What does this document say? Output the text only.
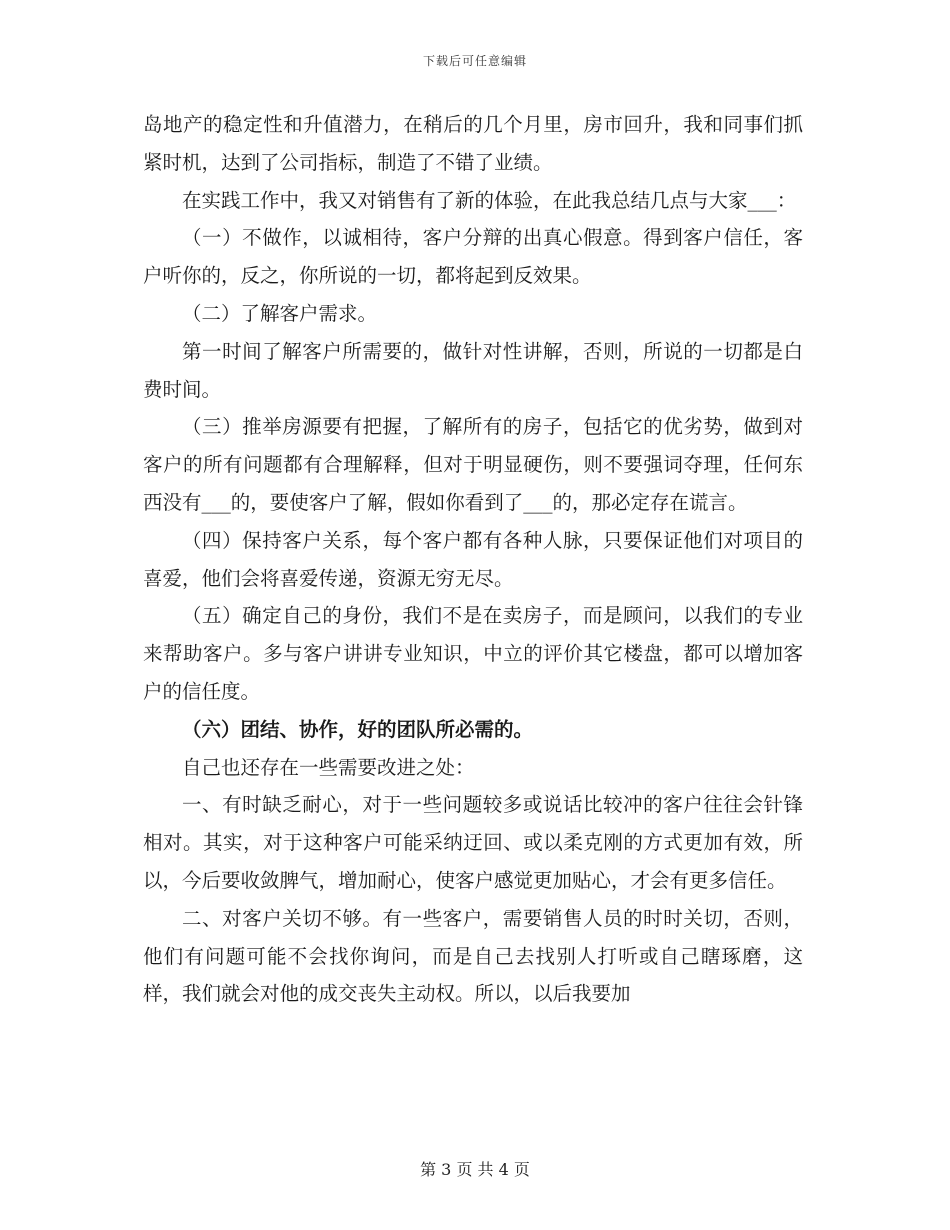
下载后可任意编辑

岛地产的稳定性和升值潜力，在稍后的几个月里，房市回升，我和同事们抓紧时机，达到了公司指标，制造了不错了业绩。

在实践工作中，我又对销售有了新的体验，在此我总结几点与大家___：

（一）不做作，以诚相待，客户分辩的出真心假意。得到客户信任，客户听你的，反之，你所说的一切，都将起到反效果。

（二）了解客户需求。

第一时间了解客户所需要的，做针对性讲解，否则，所说的一切都是白费时间。

（三）推举房源要有把握，了解所有的房子，包括它的优劣势，做到对客户的所有问题都有合理解释，但对于明显硬伤，则不要强词夺理，任何东西没有___的，要使客户了解，假如你看到了___的，那必定存在谎言。

（四）保持客户关系，每个客户都有各种人脉，只要保证他们对项目的喜爱，他们会将喜爱传递，资源无穷无尽。

（五）确定自己的身份，我们不是在卖房子，而是顾问，以我们的专业来帮助客户。多与客户讲讲专业知识，中立的评价其它楼盘，都可以增加客户的信任度。

（六）团结、协作，好的团队所必需的。

自己也还存在一些需要改进之处：

一、有时缺乏耐心，对于一些问题较多或说话比较冲的客户往往会针锋相对。其实，对于这种客户可能采纳迂回、或以柔克刚的方式更加有效，所以，今后要收敛脾气，增加耐心，使客户感觉更加贴心，才会有更多信任。

二、对客户关切不够。有一些客户，需要销售人员的时时关切，否则，他们有问题可能不会找你询问，而是自己去找别人打听或自己瞎琢磨，这样，我们就会对他的成交丧失主动权。所以，以后我要加

第 3 页 共 4 页
